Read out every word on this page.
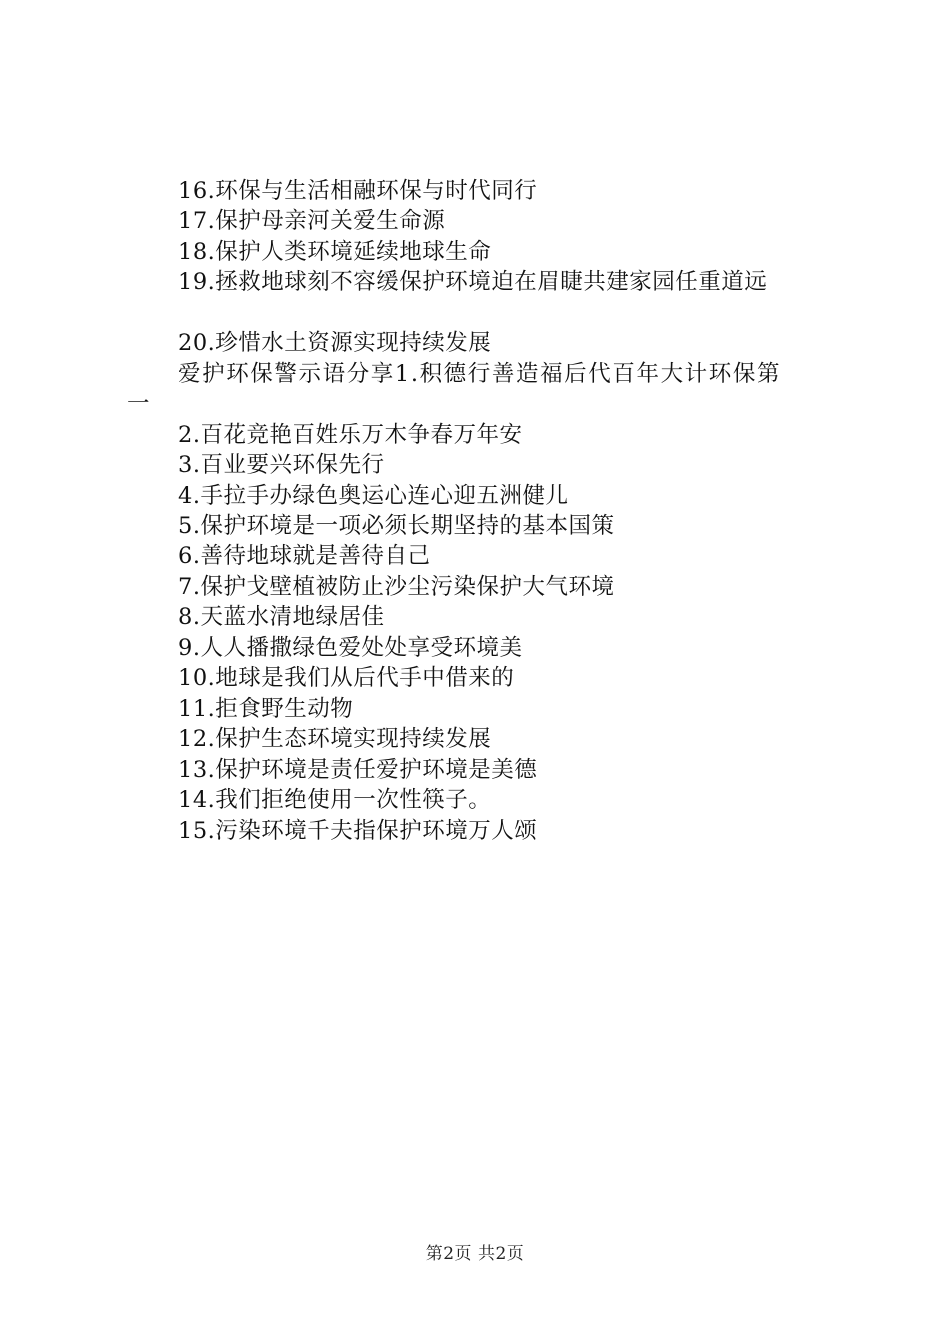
16.环保与生活相融环保与时代同行
17.保护母亲河关爱生命源
18.保护人类环境延续地球生命
19.拯救地球刻不容缓保护环境迫在眉睫共建家园任重道远
20.珍惜水土资源实现持续发展
爱护环保警示语分享1.积德行善造福后代百年大计环保第
一
2.百花竞艳百姓乐万木争春万年安
3.百业要兴环保先行
4.手拉手办绿色奥运心连心迎五洲健儿
5.保护环境是一项必须长期坚持的基本国策
6.善待地球就是善待自己
7.保护戈壁植被防止沙尘污染保护大气环境
8.天蓝水清地绿居佳
9.人人播撒绿色爱处处享受环境美
10.地球是我们从后代手中借来的
11.拒食野生动物
12.保护生态环境实现持续发展
13.保护环境是责任爱护环境是美德
14.我们拒绝使用一次性筷子。
15.污染环境千夫指保护环境万人颂
第2页 共2页
